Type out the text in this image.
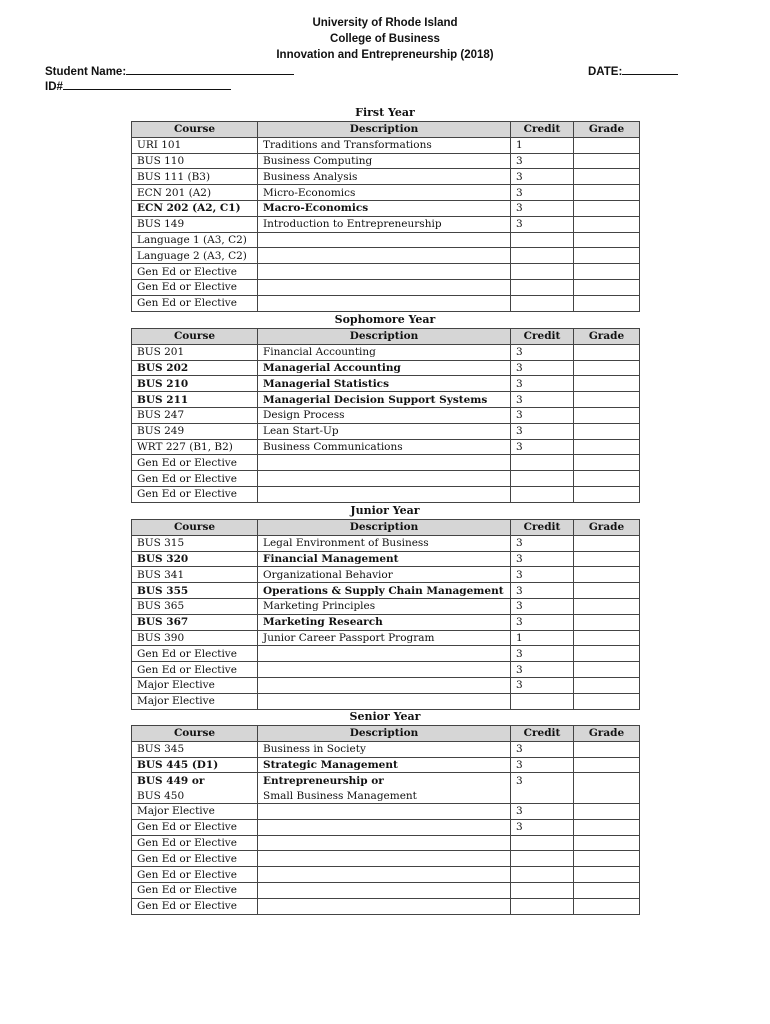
University of Rhode Island
College of Business
Innovation and Entrepreneurship (2018)
Student Name:	DATE:
ID#
First Year
Course	Description	Credit	Grade
URI 101	Traditions and Transformations	1	
BUS 110	Business Computing	3	
BUS 111 (B3)	Business Analysis	3	
ECN 201 (A2)	Micro-Economics	3	
ECN 202 (A2, C1)	Macro-Economics	3	
BUS 149	Introduction to Entrepreneurship	3	
Language 1 (A3, C2)			
Language 2 (A3, C2)			
Gen Ed or Elective			
Gen Ed or Elective			
Gen Ed or Elective			
Sophomore Year
Course	Description	Credit	Grade
BUS 201	Financial Accounting	3	
BUS 202	Managerial Accounting	3	
BUS 210	Managerial Statistics	3	
BUS 211	Managerial Decision Support Systems	3	
BUS 247	Design Process	3	
BUS 249	Lean Start-Up	3	
WRT 227 (B1, B2)	Business Communications	3	
Gen Ed or Elective			
Gen Ed or Elective			
Gen Ed or Elective			
Junior Year
Course	Description	Credit	Grade
BUS 315	Legal Environment of Business	3	
BUS 320	Financial Management	3	
BUS 341	Organizational Behavior	3	
BUS 355	Operations & Supply Chain Management	3	
BUS 365	Marketing Principles	3	
BUS 367	Marketing Research	3	
BUS 390	Junior Career Passport Program	1	
Gen Ed or Elective		3	
Gen Ed or Elective		3	
Major Elective		3	
Major Elective			
Senior Year
Course	Description	Credit	Grade
BUS 345	Business in Society	3	
BUS 445 (D1)	Strategic Management	3	
BUS 449 or	Entrepreneurship or	3	
BUS 450	Small Business Management		
Major Elective		3	
Gen Ed or Elective		3	
Gen Ed or Elective			
Gen Ed or Elective			
Gen Ed or Elective			
Gen Ed or Elective			
Gen Ed or Elective			
